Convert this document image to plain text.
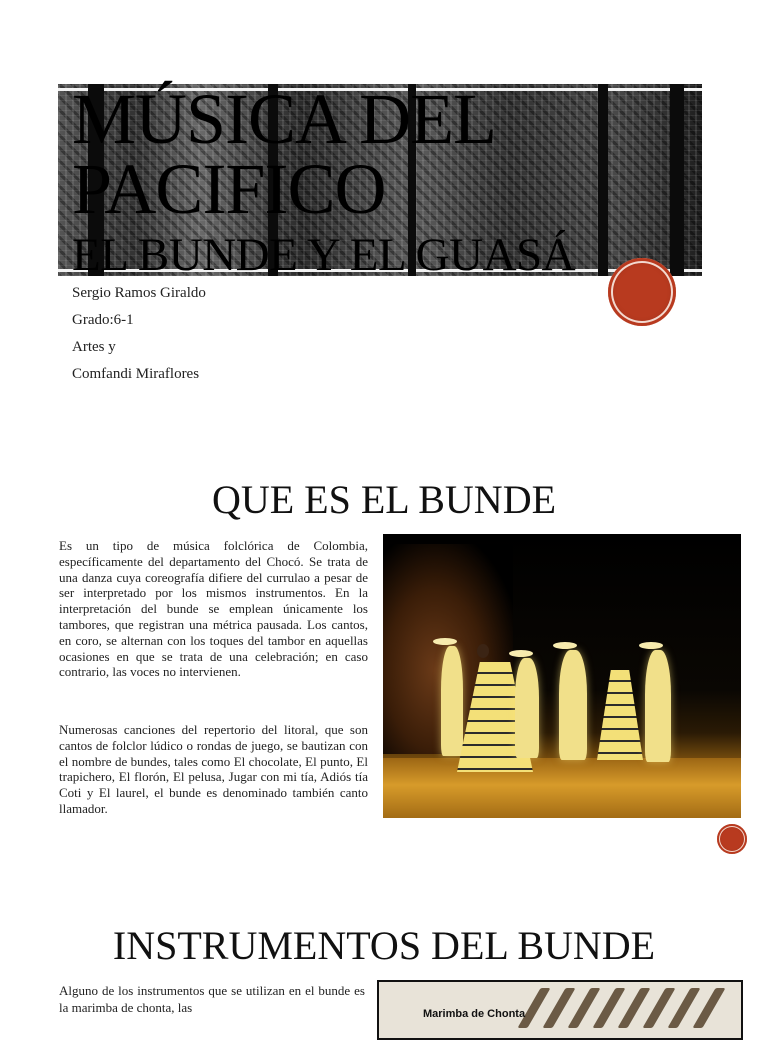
MÚSICA DEL
PACIFICO
EL BUNDE Y EL GUASÁ
Sergio Ramos Giraldo
Grado:6-1
Artes y
Comfandi Miraflores
QUE ES EL BUNDE

Es un tipo de música folclórica de Colombia, específicamente del departamento del Chocó. Se trata de una danza cuya coreografía difiere del currulao a pesar de ser interpretado por los mismos instrumentos. En la interpretación del bunde se emplean únicamente los tambores, que registran una métrica pausada. Los cantos, en coro, se alternan con los toques del tambor en aquellas ocasiones en que se trata de una celebración; en caso contrario, las voces no intervienen.

Numerosas canciones del repertorio del litoral, que son cantos de folclor lúdico o rondas de juego, se bautizan con el nombre de bundes, tales como El chocolate, El punto, El trapichero, El florón, El pelusa, Jugar con mi tía, Adiós tía Coti y El laurel, el bunde es denominado también canto llamador.

INSTRUMENTOS DEL BUNDE

Alguno de los instrumentos que se utilizan en el bunde es la marimba de chonta, las	Marimba de Chonta
